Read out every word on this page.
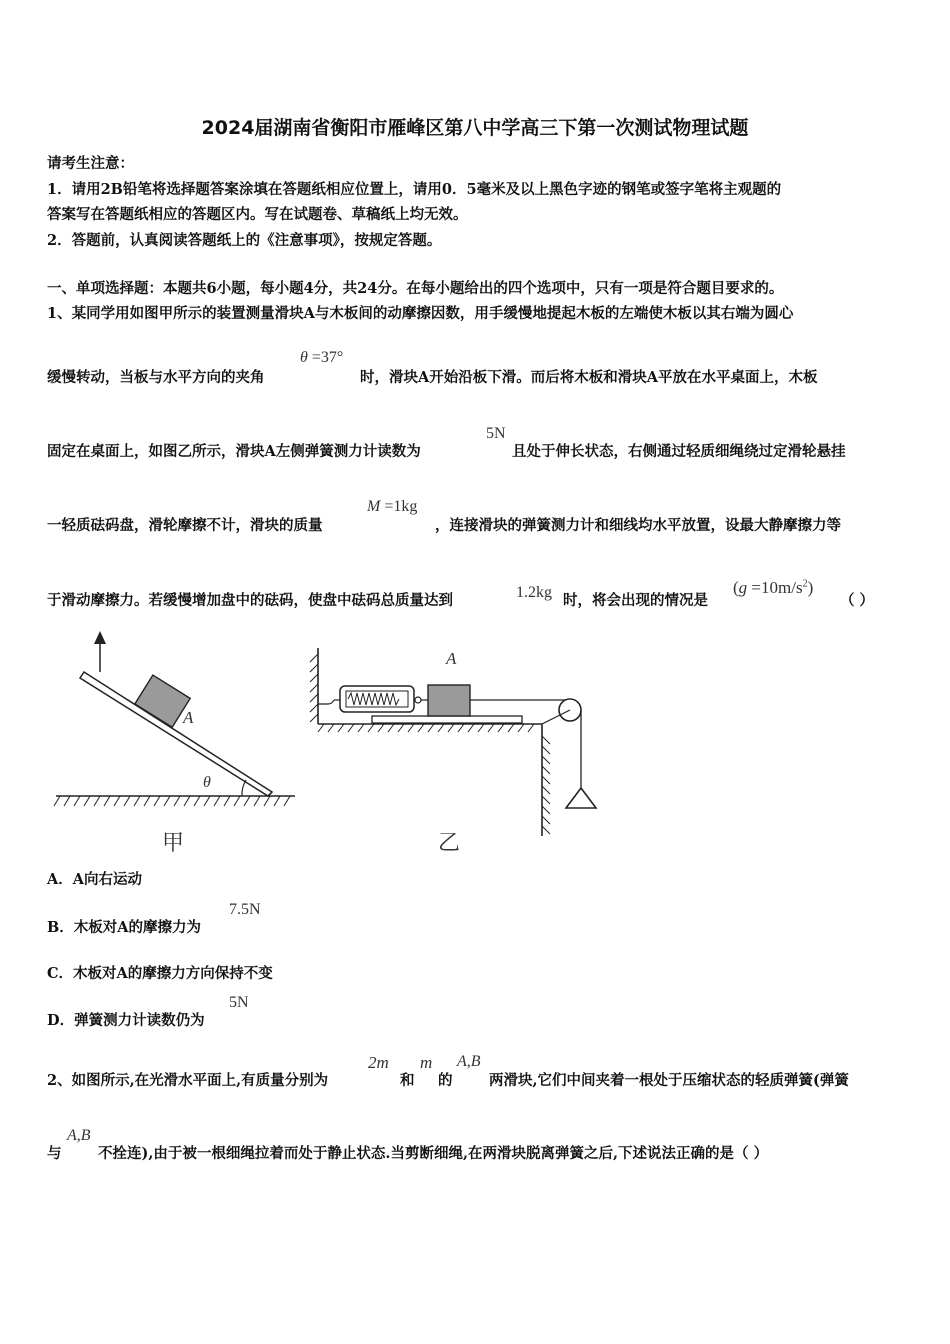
2024届湖南省衡阳市雁峰区第八中学高三下第一次测试物理试题
请考生注意：
1．请用2B铅笔将选择题答案涂填在答题纸相应位置上，请用0．5毫米及以上黑色字迹的钢笔或签字笔将主观题的
答案写在答题纸相应的答题区内。写在试题卷、草稿纸上均无效。
2．答题前，认真阅读答题纸上的《注意事项》，按规定答题。
一、单项选择题：本题共6小题，每小题4分，共24分。在每小题给出的四个选项中，只有一项是符合题目要求的。
1、某同学用如图甲所示的装置测量滑块A与木板间的动摩擦因数，用手缓慢地提起木板的左端使木板以其右端为圆心
缓慢转动，当板与水平方向的夹角
θ =37°
时，滑块A开始沿板下滑。而后将木板和滑块A平放在水平桌面上，木板
固定在桌面上，如图乙所示，滑块A左侧弹簧测力计读数为
5N
且处于伸长状态，右侧通过轻质细绳绕过定滑轮悬挂
一轻质砝码盘，滑轮摩擦不计，滑块的质量
M =1kg
，连接滑块的弹簧测力计和细线均水平放置，设最大静摩擦力等
于滑动摩擦力。若缓慢增加盘中的砝码，使盘中砝码总质量达到	1.2kg 时，将会出现的情况是
$(g =10m/s^2)$
（ ）
A
θ
甲
A
乙
A．A向右运动
B．木板对A的摩擦力为
7.5N
C．木板对A的摩擦力方向保持不变
D．弹簧测力计读数仍为
5N
2、如图所示,在光滑水平面上,有质量分别为
2m
和
m
的
A,B
两滑块,它们中间夹着一根处于压缩状态的轻质弹簧(弹簧
与
A,B
不拴连),由于被一根细绳拉着而处于静止状态.当剪断细绳,在两滑块脱离弹簧之后,下述说法正确的是（ ）
